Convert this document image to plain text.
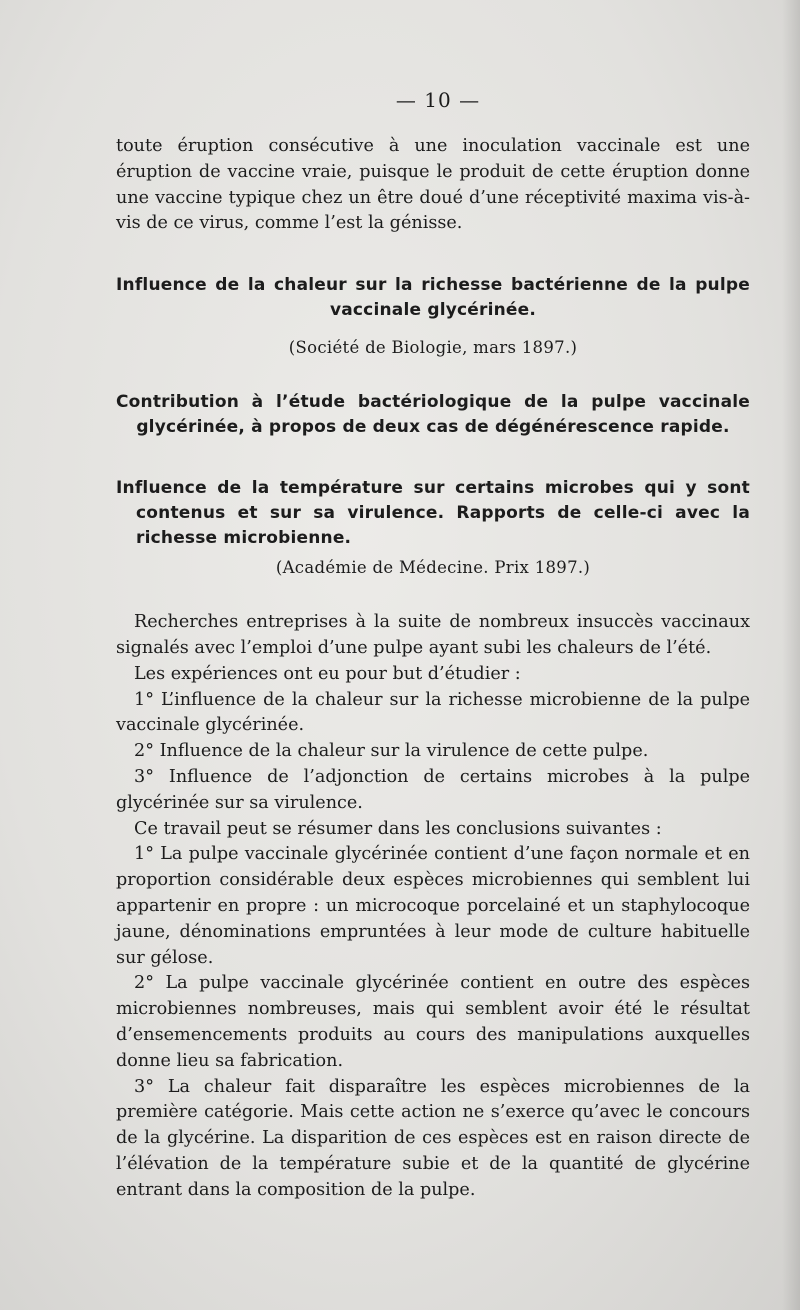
— 10 —

toute éruption consécutive à une inoculation vaccinale est une éruption de vaccine vraie, puisque le produit de cette éruption donne une vaccine typique chez un être doué d’une réceptivité maxima vis-à-vis de ce virus, comme l’est la génisse.

Influence de la chaleur sur la richesse bactérienne de la pulpe vaccinale glycérinée.
(Société de Biologie, mars 1897.)
Contribution à l’étude bactériologique de la pulpe vaccinale glycérinée, à propos de deux cas de dégénérescence rapide.
Influence de la température sur certains microbes qui y sont contenus et sur sa virulence. Rapports de celle-ci avec la richesse microbienne.
(Académie de Médecine. Prix 1897.)

Recherches entreprises à la suite de nombreux insuccès vaccinaux signalés avec l’emploi d’une pulpe ayant subi les chaleurs de l’été.

Les expériences ont eu pour but d’étudier :

1° L’influence de la chaleur sur la richesse microbienne de la pulpe vaccinale glycérinée.

2° Influence de la chaleur sur la virulence de cette pulpe.

3° Influence de l’adjonction de certains microbes à la pulpe glycérinée sur sa virulence.

Ce travail peut se résumer dans les conclusions suivantes :

1° La pulpe vaccinale glycérinée contient d’une façon normale et en proportion considérable deux espèces microbiennes qui semblent lui appartenir en propre : un microcoque porcelainé et un staphylocoque jaune, dénominations empruntées à leur mode de culture habituelle sur gélose.

2° La pulpe vaccinale glycérinée contient en outre des espèces microbiennes nombreuses, mais qui semblent avoir été le résultat d’ensemencements produits au cours des manipulations auxquelles donne lieu sa fabrication.

3° La chaleur fait disparaître les espèces microbiennes de la première catégorie. Mais cette action ne s’exerce qu’avec le concours de la glycérine. La disparition de ces espèces est en raison directe de l’élévation de la température subie et de la quantité de glycérine entrant dans la composition de la pulpe.
